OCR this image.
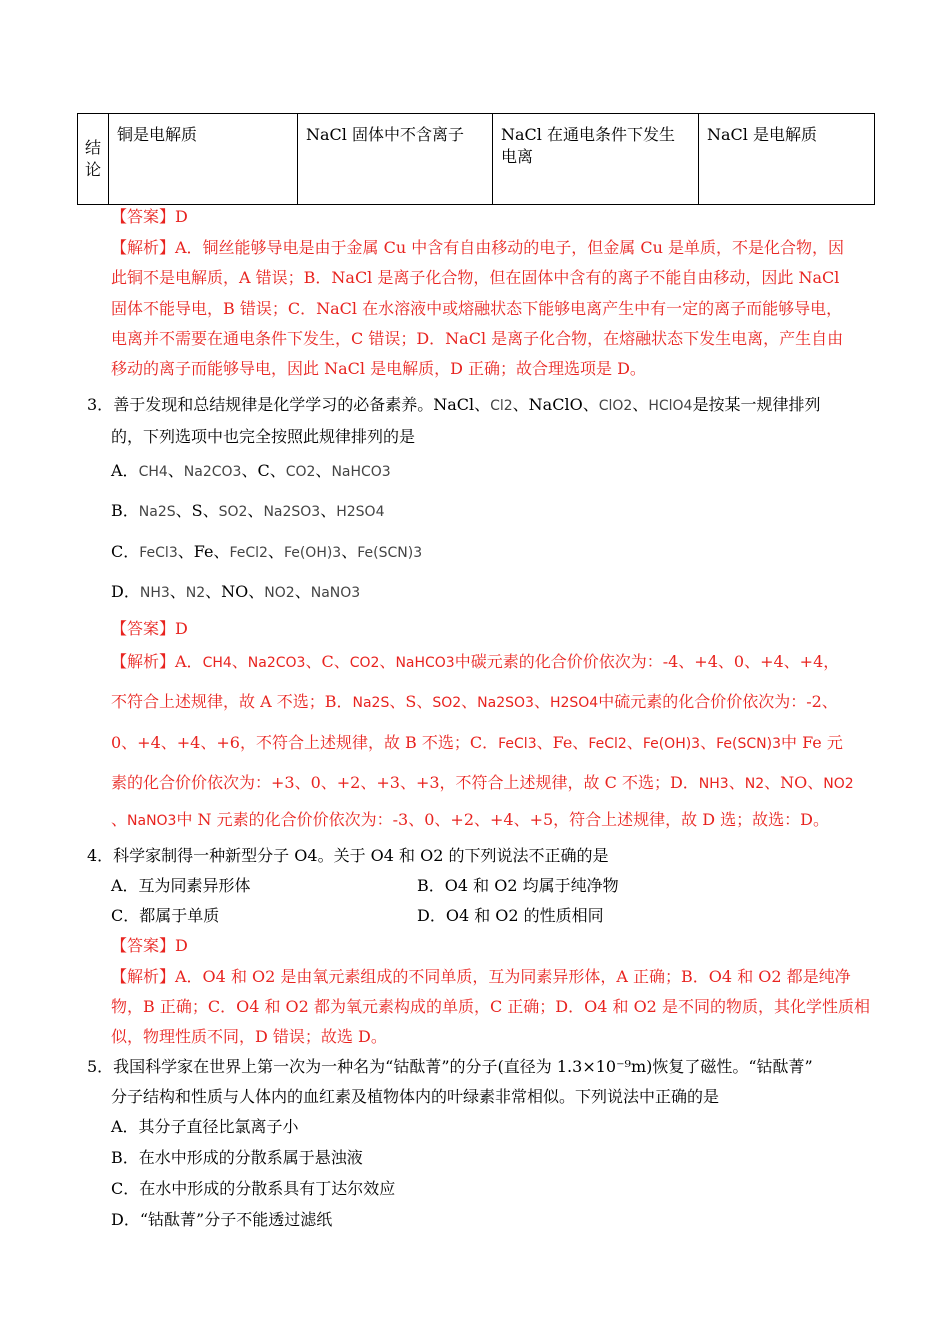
结
论	铜是电解质	NaCl 固体中不含离子	NaCl 在通电条件下发生电离	NaCl 是电解质
【答案】D
【解析】A．铜丝能够导电是由于金属 Cu 中含有自由移动的电子，但金属 Cu 是单质，不是化合物，因
此铜不是电解质，A 错误；B．NaCl 是离子化合物，但在固体中含有的离子不能自由移动，因此 NaCl
固体不能导电，B 错误；C．NaCl 在水溶液中或熔融状态下能够电离产生中有一定的离子而能够导电，
电离并不需要在通电条件下发生，C 错误；D．NaCl 是离子化合物，在熔融状态下发生电离，产生自由
移动的离子而能够导电，因此 NaCl 是电解质，D 正确；故合理选项是 D。
3．善于发现和总结规律是化学学习的必备素养。NaCl、Cl2、NaClO、ClO2、HClO4是按某一规律排列
的，下列选项中也完全按照此规律排列的是
A．CH4、Na2CO3、C、CO2、NaHCO3
B．Na2S、S、SO2、Na2SO3、H2SO4
C．FeCl3、Fe、FeCl2、Fe(OH)3、Fe(SCN)3
D．NH3、N2、NO、NO2、NaNO3
【答案】D
【解析】A．CH4、Na2CO3、C、CO2、NaHCO3中碳元素的化合价价依次为：-4、+4、0、+4、+4，
不符合上述规律，故 A 不选；B．Na2S、S、SO2、Na2SO3、H2SO4中硫元素的化合价价依次为：-2、
0、+4、+4、+6，不符合上述规律，故 B 不选；C．FeCl3、Fe、FeCl2、Fe(OH)3、Fe(SCN)3中 Fe 元
素的化合价价依次为：+3、0、+2、+3、+3，不符合上述规律，故 C 不选；D．NH3、N2、NO、NO2
、NaNO3中 N 元素的化合价价依次为：-3、0、+2、+4、+5，符合上述规律，故 D 选；故选：D。
4．科学家制得一种新型分子 O4。关于 O4 和 O2 的下列说法不正确的是
A．互为同素异形体	B．O4 和 O2 均属于纯净物
C．都属于单质	D．O4 和 O2 的性质相同
【答案】D
【解析】A．O4 和 O2 是由氧元素组成的不同单质，互为同素异形体，A 正确；B．O4 和 O2 都是纯净
物，B 正确；C．O4 和 O2 都为氧元素构成的单质，C 正确；D．O4 和 O2 是不同的物质，其化学性质相
似，物理性质不同，D 错误；故选 D。
5．我国科学家在世界上第一次为一种名为“钴酞菁”的分子(直径为 1.3×10⁻⁹m)恢复了磁性。“钴酞菁”
分子结构和性质与人体内的血红素及植物体内的叶绿素非常相似。下列说法中正确的是
A．其分子直径比氯离子小
B．在水中形成的分散系属于悬浊液
C．在水中形成的分散系具有丁达尔效应
D．“钴酞菁”分子不能透过滤纸
